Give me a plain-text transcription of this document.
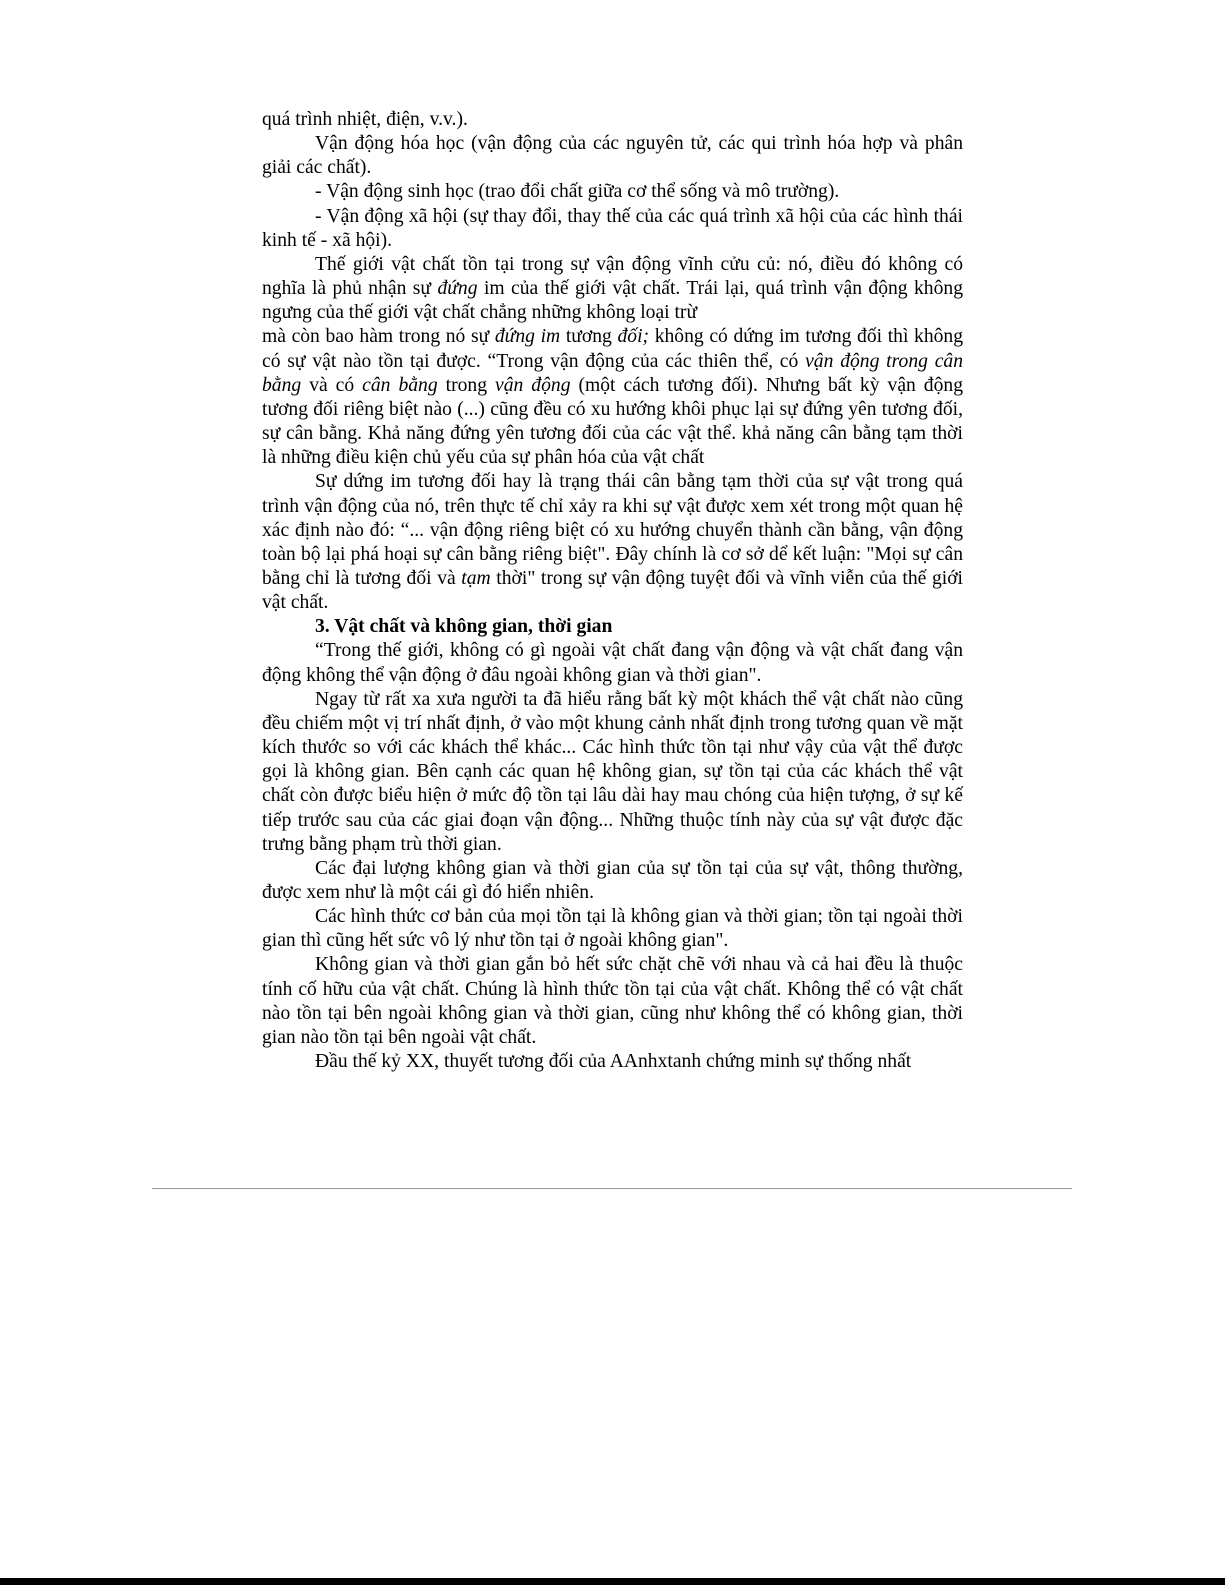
quá trình nhiệt, điện, v.v.).

Vận động hóa học (vận động của các nguyên tử, các qui trình hóa hợp và phân giải các chất).

- Vận động sinh học (trao đổi chất giữa cơ thể sống và mô trường).

- Vận động xã hội (sự thay đổi, thay thế của các quá trình xã hội của các hình thái kinh tế - xã hội).

Thế giới vật chất tồn tại trong sự vận động vĩnh cửu củ: nó, điều đó không có nghĩa là phủ nhận sự đứng im của thế giới vật chất. Trái lại, quá trình vận động không ngưng của thế giới vật chất chẳng những không loại trừ

mà còn bao hàm trong nó sự đứng im tương đối; không có dứng im tương đối thì không có sự vật nào tồn tại được. “Trong vận động của các thiên thể, có vận động trong cân bằng và có cân bằng trong vận động (một cách tương đối). Nhưng bất kỳ vận động tương đối riêng biệt nào (...) cũng đều có xu hướng khôi phục lại sự đứng yên tương đối, sự cân bằng. Khả năng đứng yên tương đối của các vật thể. khả năng cân bằng tạm thời là những điều kiện chủ yếu của sự phân hóa của vật chất

Sự dứng im tương đối hay là trạng thái cân bằng tạm thời của sự vật trong quá trình vận động của nó, trên thực tế chỉ xảy ra khi sự vật được xem xét trong một quan hệ xác định nào đó: “... vận động riêng biệt có xu hướng chuyển thành cần bằng, vận động toàn bộ lại phá hoại sự cân bằng riêng biệt". Đây chính là cơ sở dể kết luận: "Mọi sự cân bằng chỉ là tương đối và tạm thời" trong sự vận động tuyệt đối và vĩnh viễn của thế giới vật chất.

3. Vật chất và không gian, thời gian

“Trong thế giới, không có gì ngoài vật chất đang vận động và vật chất đang vận động không thể vận động ở đâu ngoài không gian và thời gian".

Ngay từ rất xa xưa người ta đã hiểu rằng bất kỳ một khách thể vật chất nào cũng đều chiếm một vị trí nhất định, ở vào một khung cảnh nhất định trong tương quan về mặt kích thước so với các khách thể khác... Các hình thức tồn tại như vậy của vật thể được gọi là không gian. Bên cạnh các quan hệ không gian, sự tồn tại của các khách thể vật chất còn được biểu hiện ở mức độ tồn tại lâu dài hay mau chóng của hiện tượng, ở sự kế tiếp trước sau của các giai đoạn vận động... Những thuộc tính này của sự vật được đặc trưng bằng phạm trù thời gian.

Các đại lượng không gian và thời gian của sự tồn tại của sự vật, thông thường, được xem như là một cái gì đó hiển nhiên.

Các hình thức cơ bản của mọi tồn tại là không gian và thời gian; tồn tại ngoài thời gian thì cũng hết sức vô lý như tồn tại ở ngoài không gian".

Không gian và thời gian gắn bỏ hết sức chặt chẽ với nhau và cả hai đều là thuộc tính cố hữu của vật chất. Chúng là hình thức tồn tại của vật chất. Không thể có vật chất nào tồn tại bên ngoài không gian và thời gian, cũng như không thể có không gian, thời gian nào tồn tại bên ngoài vật chất.

Đầu thế kỷ XX, thuyết tương đối của AAnhxtanh chứng minh sự thống nhất
